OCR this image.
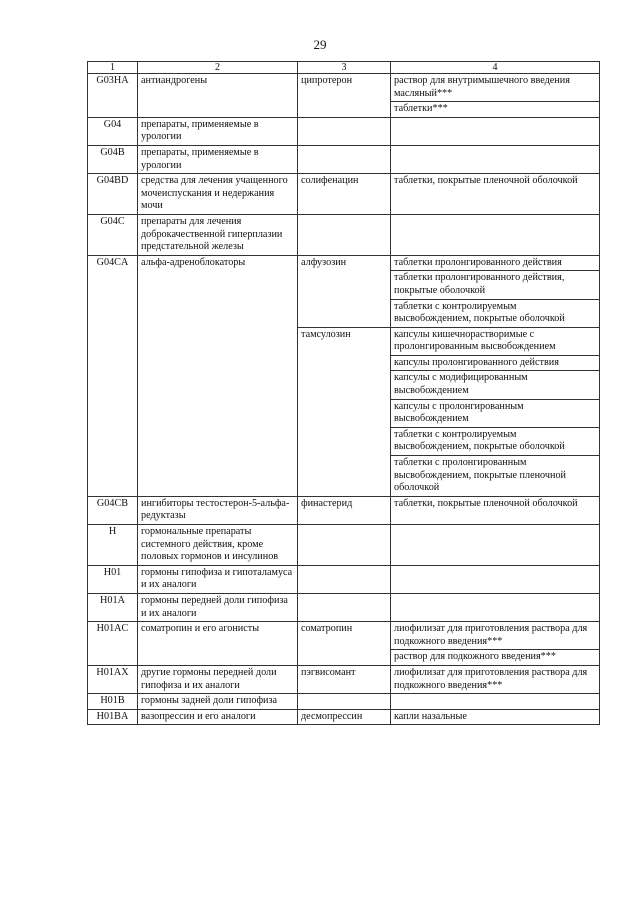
29
1	2	3	4
G03HA	антиандрогены	ципротерон	раствор для внутримышечного введения масляный***
			таблетки***
G04	препараты, применяемые в урологии		
G04B	препараты, применяемые в урологии		
G04BD	средства для лечения учащенного мочеиспускания и недержания мочи	солифенацин	таблетки, покрытые пленочной оболочкой
G04C	препараты для лечения доброкачественной гиперплазии предстательной железы		
G04CA	альфа-адреноблокаторы	алфузозин	таблетки пролонгированного действия
			таблетки пролонгированного действия, покрытые оболочкой
			таблетки с контролируемым высвобождением, покрытые оболочкой
		тамсулозин	капсулы кишечнорастворимые с пролонгированным высвобождением
			капсулы пролонгированного действия
			капсулы с модифицированным высвобождением
			капсулы с пролонгированным высвобождением
			таблетки с контролируемым высвобождением, покрытые оболочкой
			таблетки с пролонгированным высвобождением, покрытые пленочной оболочкой
G04CB	ингибиторы тестостерон-5-альфа-редуктазы	финастерид	таблетки, покрытые пленочной оболочкой
H	гормональные препараты системного действия, кроме половых гормонов и инсулинов		
H01	гормоны гипофиза и гипоталамуса и их аналоги		
H01A	гормоны передней доли гипофиза и их аналоги		
H01AC	соматропин и его агонисты	соматропин	лиофилизат для приготовления раствора для подкожного введения***
			раствор для подкожного введения***
H01AX	другие гормоны передней доли гипофиза и их аналоги	пэгвисомант	лиофилизат для приготовления раствора для подкожного введения***
H01B	гормоны задней доли гипофиза		
H01BA	вазопрессин и его аналоги	десмопрессин	капли назальные
